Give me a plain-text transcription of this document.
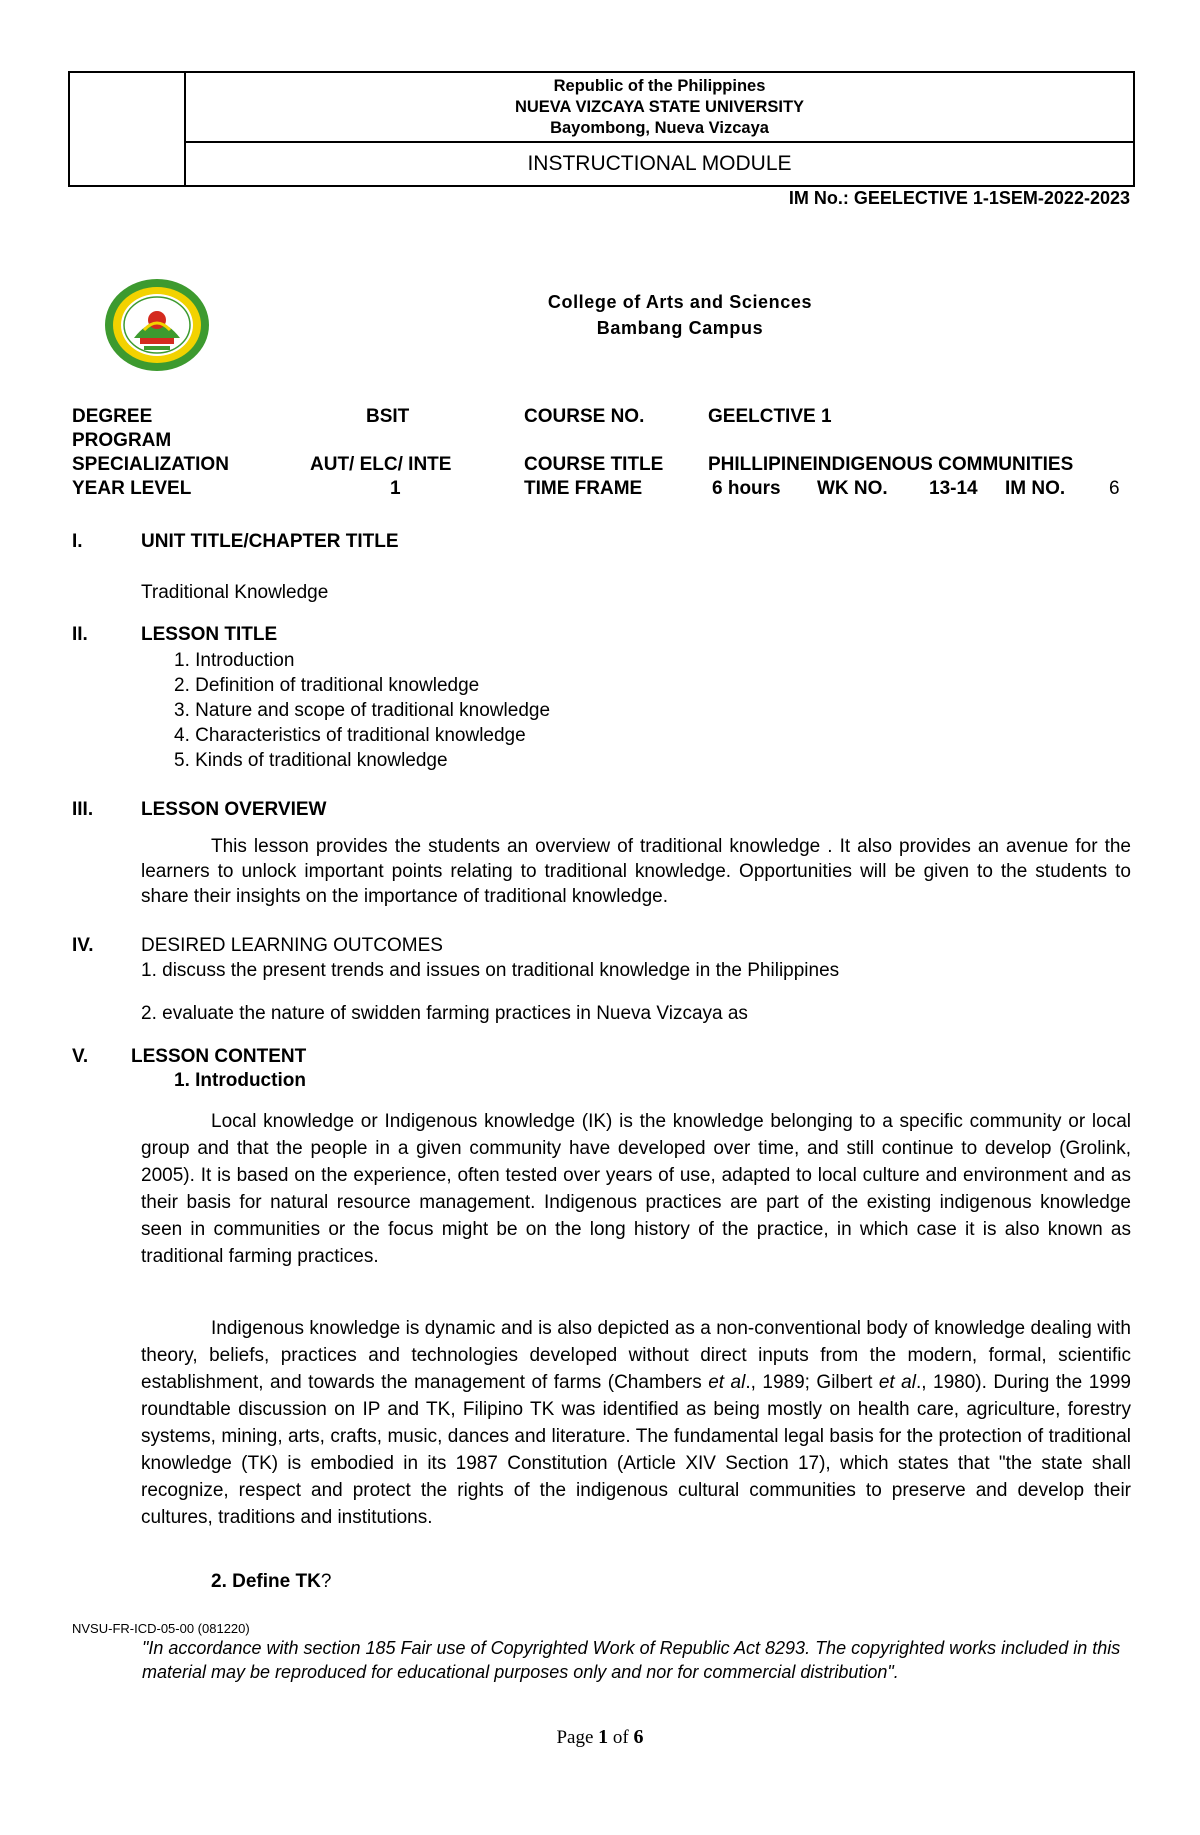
Republic of the Philippines
NUEVA VIZCAYA STATE UNIVERSITY
Bayombong, Nueva Vizcaya
INSTRUCTIONAL MODULE
IM No.: GEELECTIVE 1-1SEM-2022-2023
College of Arts and Sciences
Bambang Campus
DEGREE
PROGRAM	BSIT	COURSE NO.	GEELCTIVE 1
SPECIALIZATION	AUT/ ELC/ INTE	COURSE TITLE	PHILLIPINEINDIGENOUS COMMUNITIES
YEAR LEVEL	1	TIME FRAME	6 hours WK NO. 13-14 IM NO. 6
I.	UNIT TITLE/CHAPTER TITLE
Traditional Knowledge
II.	LESSON TITLE
1. Introduction
2. Definition of traditional knowledge
3. Nature and scope of traditional knowledge
4. Characteristics of traditional knowledge
5. Kinds of traditional knowledge
III.	LESSON OVERVIEW
This lesson provides the students an overview of traditional knowledge . It also provides an avenue for the learners to unlock important points relating to traditional knowledge. Opportunities will be given to the students to share their insights on the importance of traditional knowledge.
IV.	DESIRED LEARNING OUTCOMES
1. discuss the present trends and issues on traditional knowledge in the Philippines
2. evaluate the nature of swidden farming practices in Nueva Vizcaya as
V. LESSON CONTENT
1. Introduction
Local knowledge or Indigenous knowledge (IK) is the knowledge belonging to a specific community or local group and that the people in a given community have developed over time, and still continue to develop (Grolink, 2005). It is based on the experience, often tested over years of use, adapted to local culture and environment and as their basis for natural resource management. Indigenous practices are part of the existing indigenous knowledge seen in communities or the focus might be on the long history of the practice, in which case it is also known as traditional farming practices.
Indigenous knowledge is dynamic and is also depicted as a non-conventional body of knowledge dealing with theory, beliefs, practices and technologies developed without direct inputs from the modern, formal, scientific establishment, and towards the management of farms (Chambers et al., 1989; Gilbert et al., 1980). During the 1999 roundtable discussion on IP and TK, Filipino TK was identified as being mostly on health care, agriculture, forestry systems, mining, arts, crafts, music, dances and literature. The fundamental legal basis for the protection of traditional knowledge (TK) is embodied in its 1987 Constitution (Article XIV Section 17), which states that "the state shall recognize, respect and protect the rights of the indigenous cultural communities to preserve and develop their cultures, traditions and institutions.
2. Define TK?
NVSU-FR-ICD-05-00 (081220)
"In accordance with section 185 Fair use of Copyrighted Work of Republic Act 8293. The copyrighted works included in this material may be reproduced for educational purposes only and nor for commercial distribution".
Page 1 of 6
